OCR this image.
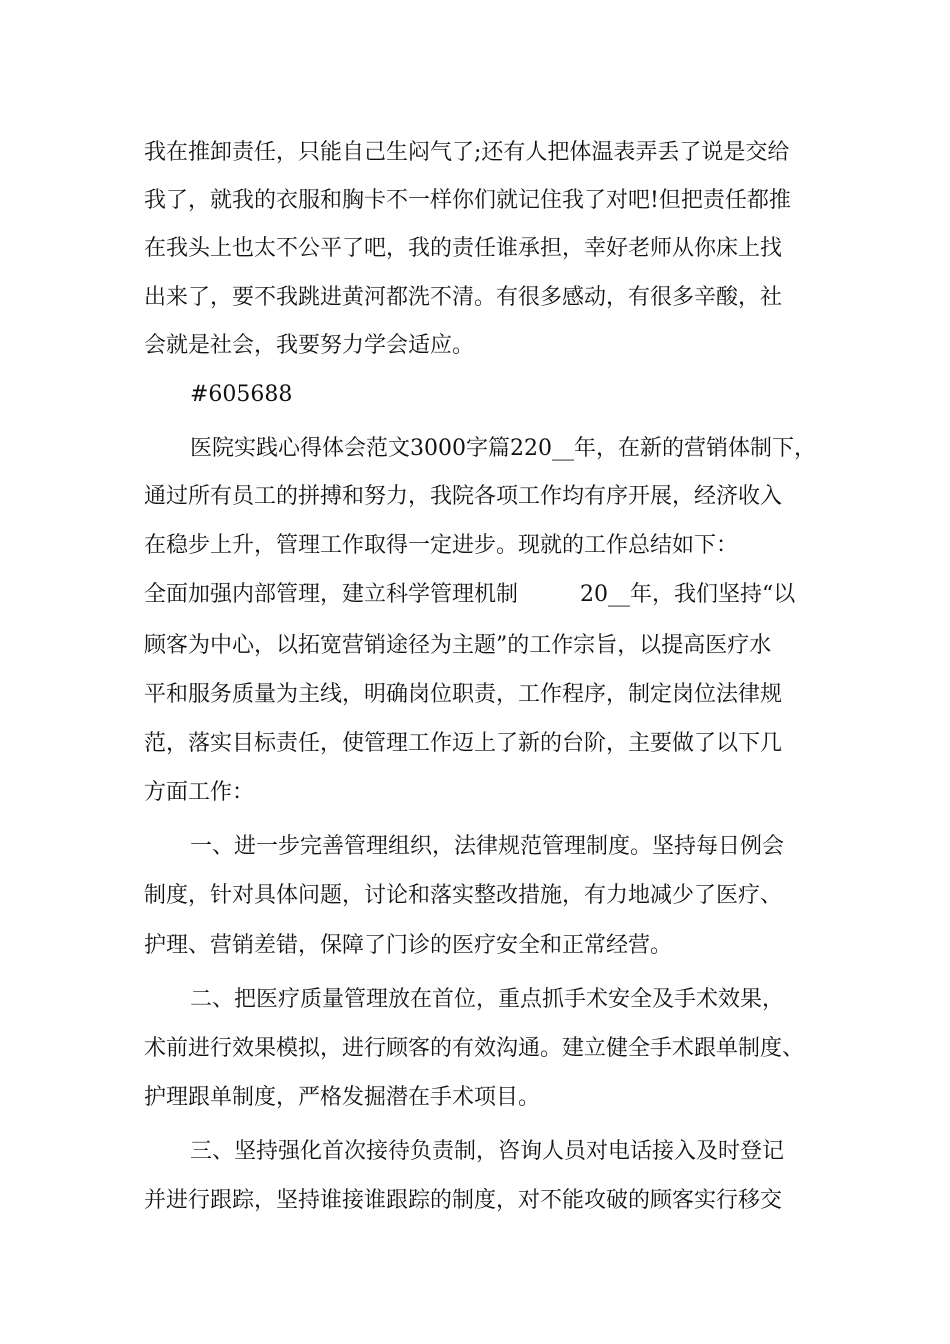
我在推卸责任，只能自己生闷气了;还有人把体温表弄丢了说是交给
我了，就我的衣服和胸卡不一样你们就记住我了对吧!但把责任都推
在我头上也太不公平了吧，我的责任谁承担，幸好老师从你床上找
出来了，要不我跳进黄河都洗不清。有很多感动，有很多辛酸，社
会就是社会，我要努力学会适应。
#605688
医院实践心得体会范文3000字篇220__年，在新的营销体制下，
通过所有员工的拼搏和努力，我院各项工作均有序开展，经济收入
在稳步上升，管理工作取得一定进步。现就的工作总结如下：
全面加强内部管理，建立科学管理机制	20__年，我们坚持“以
顾客为中心，以拓宽营销途径为主题”的工作宗旨，以提高医疗水
平和服务质量为主线，明确岗位职责，工作程序，制定岗位法律规
范，落实目标责任，使管理工作迈上了新的台阶，主要做了以下几
方面工作：
一、进一步完善管理组织，法律规范管理制度。坚持每日例会
制度，针对具体问题，讨论和落实整改措施，有力地减少了医疗、
护理、营销差错，保障了门诊的医疗安全和正常经营。
二、把医疗质量管理放在首位，重点抓手术安全及手术效果，
术前进行效果模拟，进行顾客的有效沟通。建立健全手术跟单制度、
护理跟单制度，严格发掘潜在手术项目。
三、坚持强化首次接待负责制，咨询人员对电话接入及时登记
并进行跟踪，坚持谁接谁跟踪的制度，对不能攻破的顾客实行移交
